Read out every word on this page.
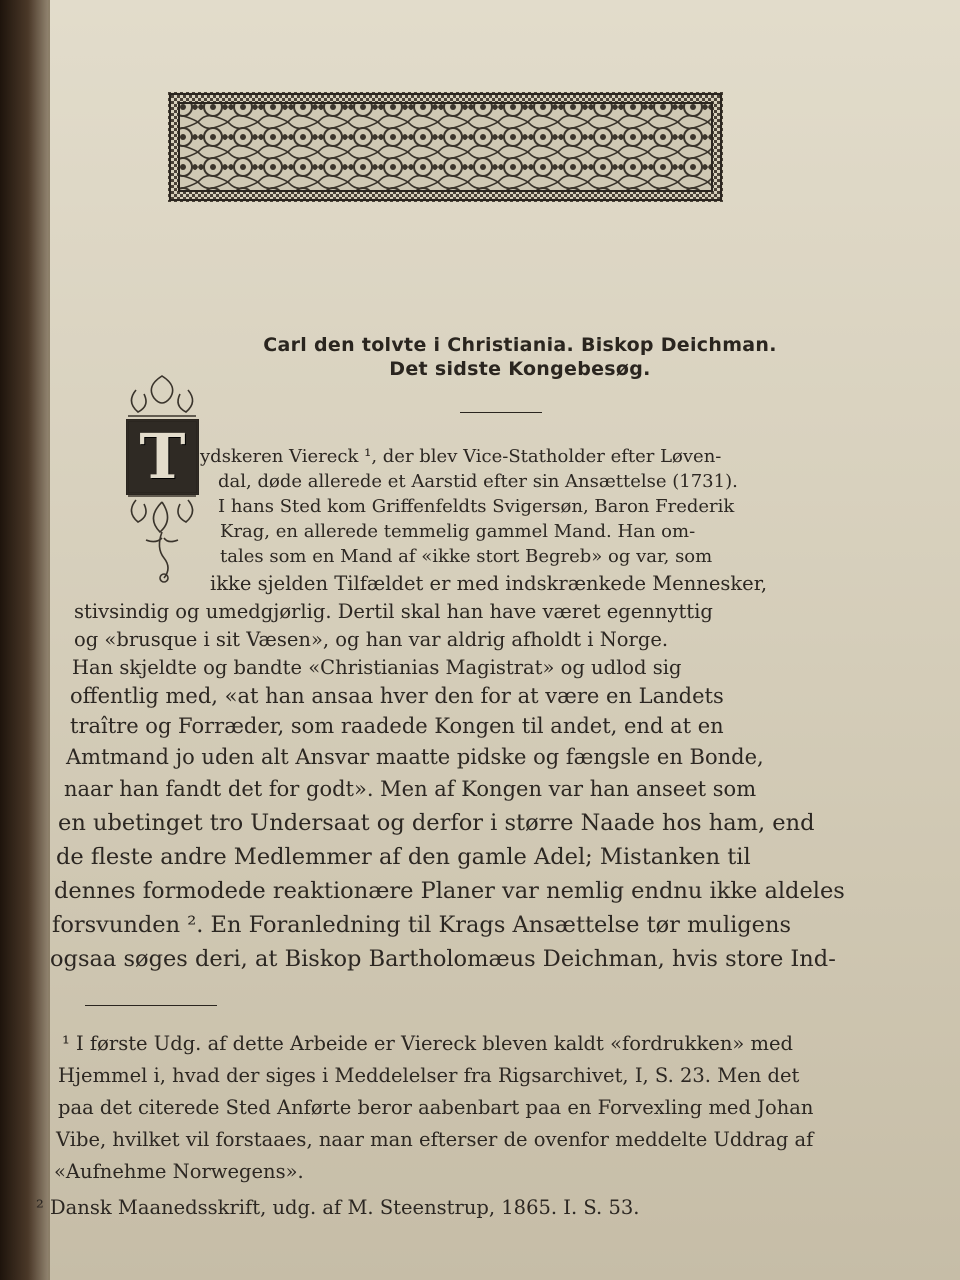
Carl den tolvte i Christiania. Biskop Deichman.
Det sidste Kongebesøg.
T ydskeren Viereck ¹, der blev Vice-Statholder efter Løven-
dal, døde allerede et Aarstid efter sin Ansættelse (1731).
I hans Sted kom Griffenfeldts Svigersøn, Baron Frederik
Krag, en allerede temmelig gammel Mand. Han om-
tales som en Mand af «ikke stort Begreb» og var, som
ikke sjelden Tilfældet er med indskrænkede Mennesker,
stivsindig og umedgjørlig. Dertil skal han have været egennyttig
og «brusque i sit Væsen», og han var aldrig afholdt i Norge.
Han skjeldte og bandte «Christianias Magistrat» og udlod sig
offentlig med, «at han ansaa hver den for at være en Landets
traître og Forræder, som raadede Kongen til andet, end at en
Amtmand jo uden alt Ansvar maatte pidske og fængsle en Bonde,
naar han fandt det for godt». Men af Kongen var han anseet som
en ubetinget tro Undersaat og derfor i større Naade hos ham, end
de fleste andre Medlemmer af den gamle Adel; Mistanken til
dennes formodede reaktionære Planer var nemlig endnu ikke aldeles
forsvunden ². En Foranledning til Krags Ansættelse tør muligens
ogsaa søges deri, at Biskop Bartholomæus Deichman, hvis store Ind-
¹ I første Udg. af dette Arbeide er Viereck bleven kaldt «fordrukken» med
Hjemmel i, hvad der siges i Meddelelser fra Rigsarchivet, I, S. 23. Men det
paa det citerede Sted Anførte beror aabenbart paa en Forvexling med Johan
Vibe, hvilket vil forstaaes, naar man efterser de ovenfor meddelte Uddrag af
«Aufnehme Norwegens».
² Dansk Maanedsskrift, udg. af M. Steenstrup, 1865. I. S. 53.
